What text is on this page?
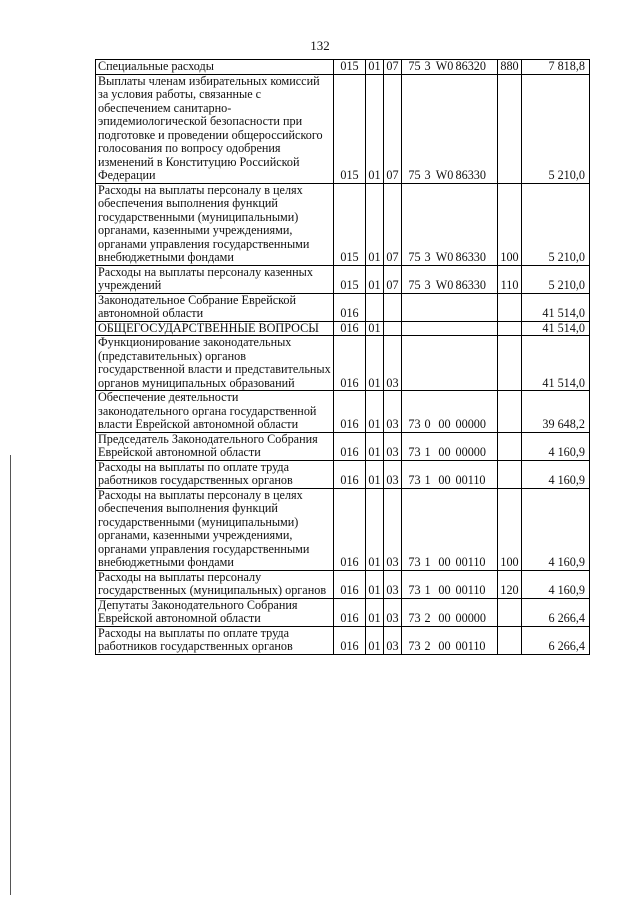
132
Специальные расходы	015	01	07	75 3 W0 86320	880	7 818,8
Выплаты членам избирательных комиссий за условия работы, связанные с обеспечением санитарно-эпидемиологической безопасности при подготовке и проведении общероссийского голосования по вопросу одобрения изменений в Конституцию Российской Федерации	015	01	07	75 3 W0 86330		5 210,0
Расходы на выплаты персоналу в целях обеспечения выполнения функций государственными (муниципальными) органами, казенными учреждениями, органами управления государственными внебюджетными фондами	015	01	07	75 3 W0 86330	100	5 210,0
Расходы на выплаты персоналу казенных учреждений	015	01	07	75 3 W0 86330	110	5 210,0
Законодательное Собрание Еврейской автономной области	016					41 514,0
ОБЩЕГОСУДАРСТВЕННЫЕ ВОПРОСЫ	016	01				41 514,0
Функционирование законодательных (представительных) органов государственной власти и представительных органов муниципальных образований	016	01	03			41 514,0
Обеспечение деятельности законодательного органа государственной власти Еврейской автономной области	016	01	03	73 0 00 00000		39 648,2
Председатель Законодательного Собрания Еврейской автономной области	016	01	03	73 1 00 00000		4 160,9
Расходы на выплаты по оплате труда работников государственных органов	016	01	03	73 1 00 00110		4 160,9
Расходы на выплаты персоналу в целях обеспечения выполнения функций государственными (муниципальными) органами, казенными учреждениями, органами управления государственными внебюджетными фондами	016	01	03	73 1 00 00110	100	4 160,9
Расходы на выплаты персоналу государственных (муниципальных) органов	016	01	03	73 1 00 00110	120	4 160,9
Депутаты Законодательного Собрания Еврейской автономной области	016	01	03	73 2 00 00000		6 266,4
Расходы на выплаты по оплате труда работников государственных органов	016	01	03	73 2 00 00110		6 266,4
